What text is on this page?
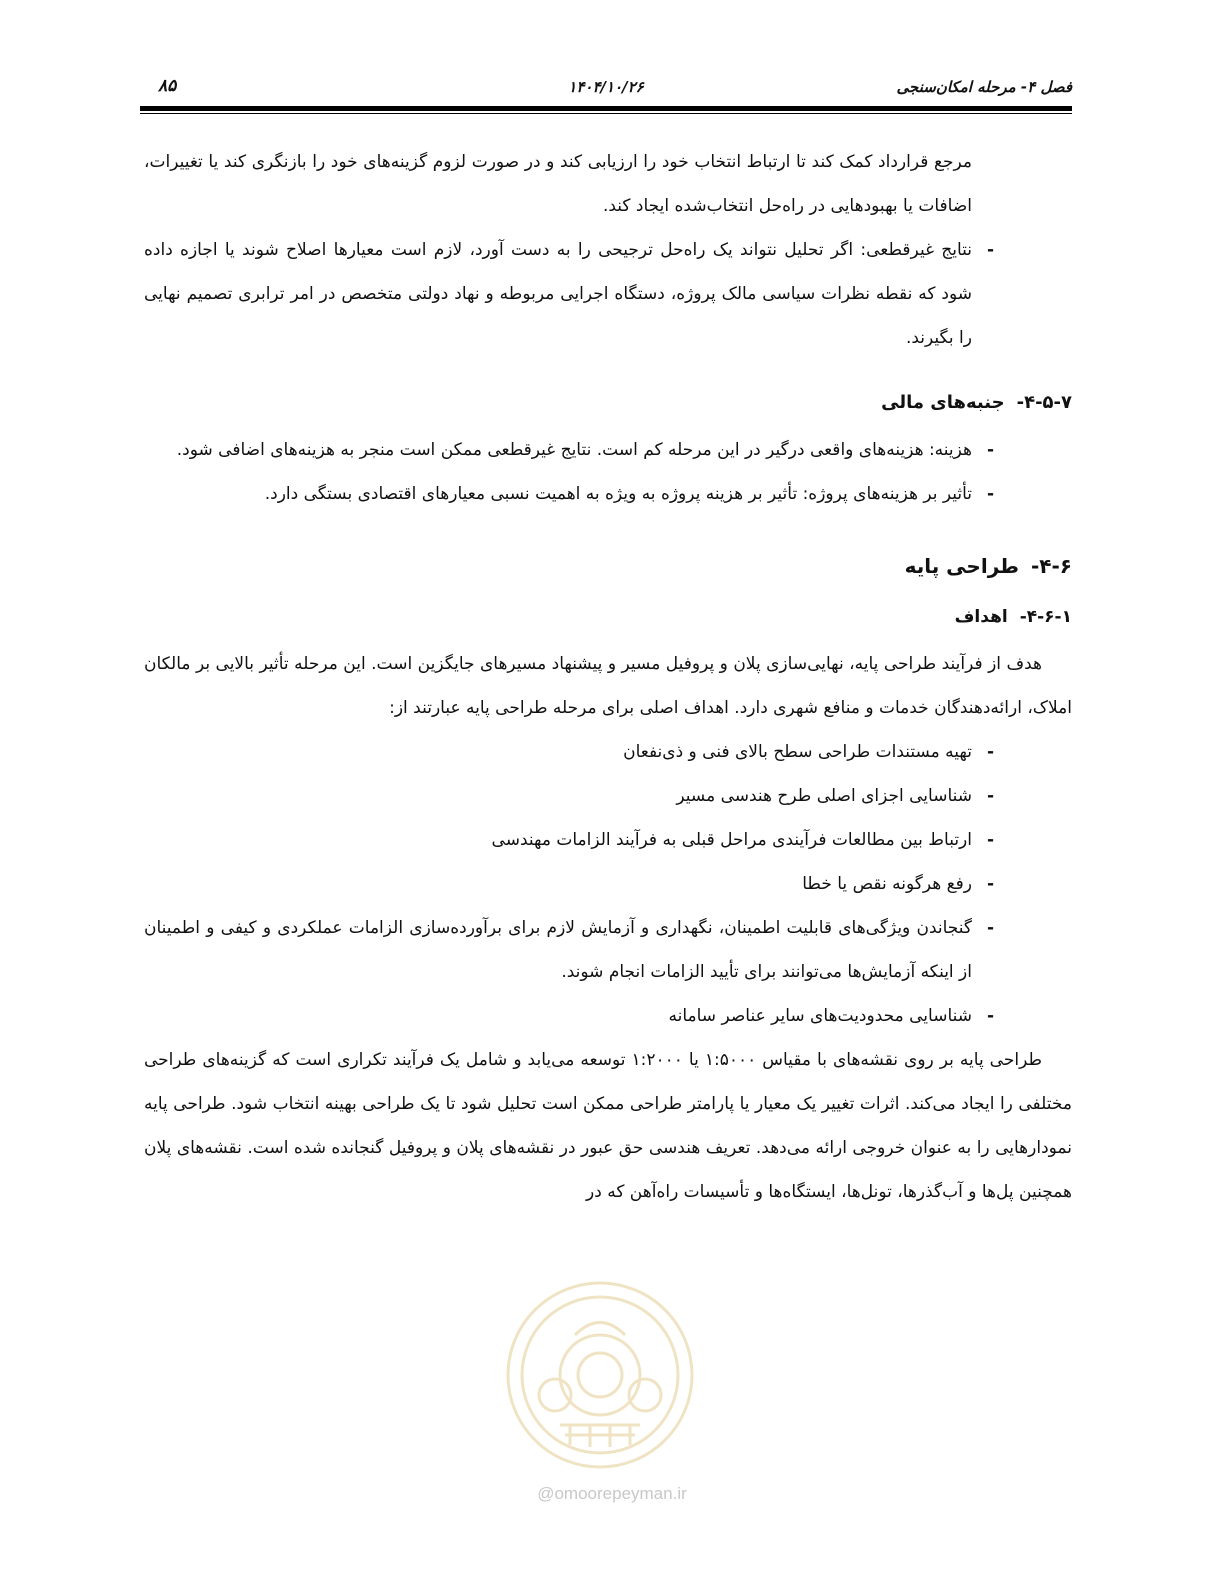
فصل ۴- مرحله امکان‌سنجی
۱۴۰۴/۱۰/۲۶
۸۵

مرجع قرارداد کمک کند تا ارتباط انتخاب خود را ارزیابی کند و در صورت لزوم گزینه‌های خود را بازنگری کند یا تغییرات، اضافات یا بهبودهایی در راه‌حل انتخاب‌شده ایجاد کند.

-
نتایج غیرقطعی: اگر تحلیل نتواند یک راه‌حل ترجیحی را به دست آورد، لازم است معیارها اصلاح شوند یا اجازه داده شود که نقطه نظرات سیاسی مالک پروژه، دستگاه اجرایی مربوطه و نهاد دولتی متخصص در امر ترابری تصمیم نهایی را بگیرند.
۴-۵-۷-جنبه‌های مالی
-
هزینه: هزینه‌های واقعی درگیر در این مرحله کم است. نتایج غیرقطعی ممکن است منجر به هزینه‌های اضافی شود.
-
تأثیر بر هزینه‌های پروژه: تأثیر بر هزینه پروژه به ویژه به اهمیت نسبی معیارهای اقتصادی بستگی دارد.
۴-۶-طراحی پایه
۴-۶-۱-اهداف

هدف از فرآیند طراحی پایه، نهایی‌سازی پلان و پروفیل مسیر و پیشنهاد مسیرهای جایگزین است. این مرحله تأثیر بالایی بر مالکان املاک، ارائه‌دهندگان خدمات و منافع شهری دارد. اهداف اصلی برای مرحله طراحی پایه عبارتند از:

-
تهیه مستندات طراحی سطح بالای فنی و ذی‌نفعان
-
شناسایی اجزای اصلی طرح هندسی مسیر
-
ارتباط بین مطالعات فرآیندی مراحل قبلی به فرآیند الزامات مهندسی
-
رفع هرگونه نقص یا خطا
-
گنجاندن ویژگی‌های قابلیت اطمینان، نگهداری و آزمایش لازم برای برآورده‌سازی الزامات عملکردی و کیفی و اطمینان از اینکه آزمایش‌ها می‌توانند برای تأیید الزامات انجام شوند.
-
شناسایی محدودیت‌های سایر عناصر سامانه

طراحی پایه بر روی نقشه‌های با مقیاس ۱:۵۰۰۰ یا ۱:۲۰۰۰ توسعه می‌یابد و شامل یک فرآیند تکراری است که گزینه‌های طراحی مختلفی را ایجاد می‌کند. اثرات تغییر یک معیار یا پارامتر طراحی ممکن است تحلیل شود تا یک طراحی بهینه انتخاب شود. طراحی پایه نمودارهایی را به عنوان خروجی ارائه می‌دهد. تعریف هندسی حق عبور در نقشه‌های پلان و پروفیل گنجانده شده است. نقشه‌های پلان همچنین پل‌ها و آب‌گذرها، تونل‌ها، ایستگاه‌ها و تأسیسات راه‌آهن که در

@omoorepeyman.ir
